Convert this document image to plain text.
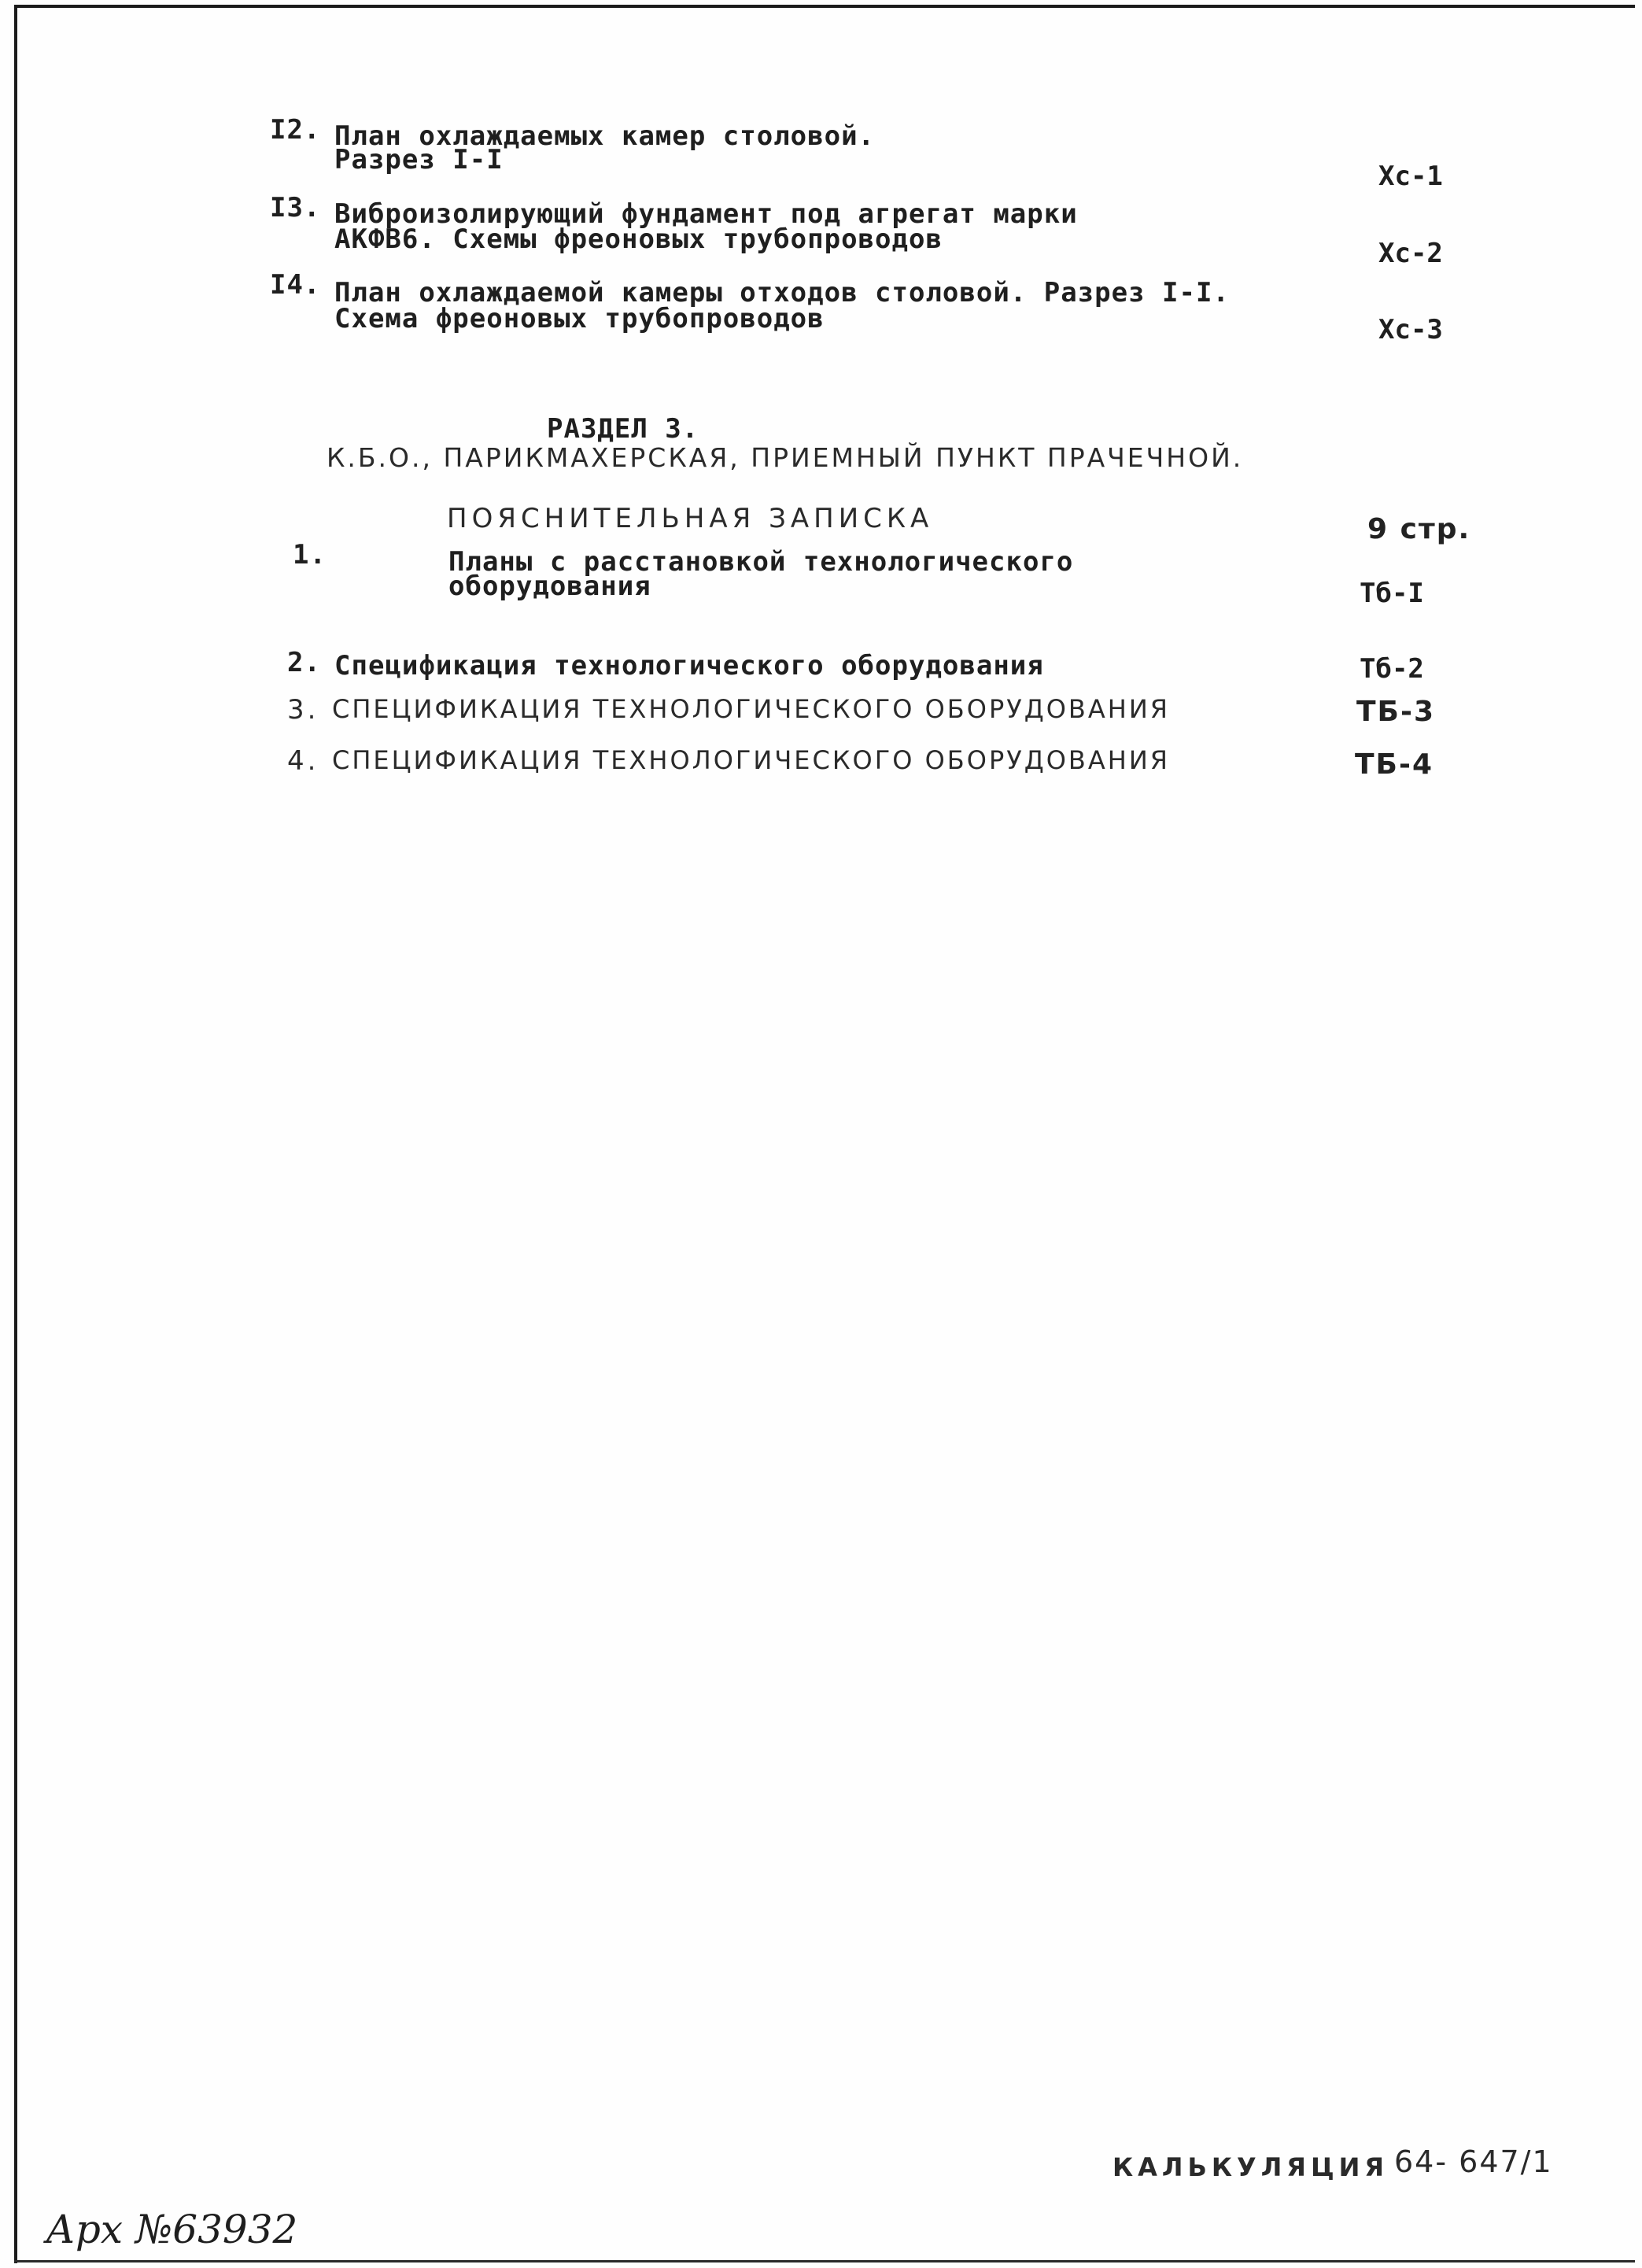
I2. План охлаждаемых камер столовой.
Разрез I-I
Хс-1
I3. Виброизолирующий фундамент под агрегат марки
АКФВ6. Схемы фреоновых трубопроводов	Хс-2
I4. План охлаждаемой камеры отходов столовой. Разрез I-I.
Схема фреоновых трубопроводов	Хс-3
РАЗДЕЛ 3.
К.Б.О., ПАРИКМАХЕРСКАЯ, ПРИЕМНЫЙ ПУНКТ ПРАЧЕЧНОЙ.
ПОЯСНИТЕЛЬНАЯ ЗАПИСКА	9 стр.
1.	Планы с расстановкой технологического
оборудования	Тб-I
2. Спецификация технологического оборудования	Тб-2
3. СПЕЦИФИКАЦИЯ ТЕХНОЛОГИЧЕСКОГО ОБОРУДОВАНИЯ	ТБ-3
4. СПЕЦИФИКАЦИЯ ТЕХНОЛОГИЧЕСКОГО ОБОРУДОВАНИЯ	ТБ-4
КАЛЬКУЛЯЦИЯ 64- 647/1
Арх №63932
